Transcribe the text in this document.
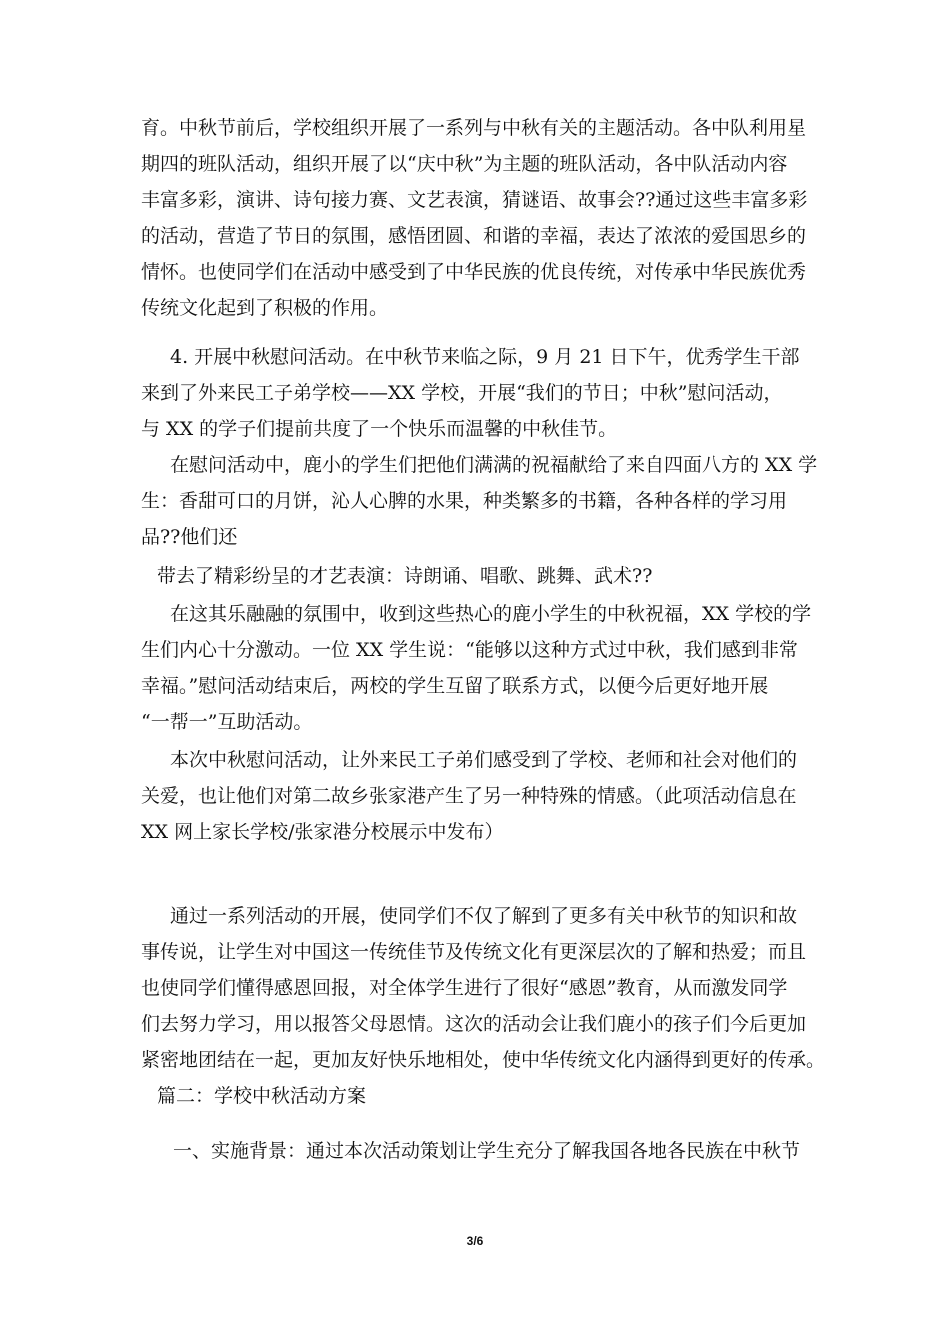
育。中秋节前后，学校组织开展了一系列与中秋有关的主题活动。各中队利用星
期四的班队活动，组织开展了以“庆中秋”为主题的班队活动，各中队活动内容
丰富多彩，演讲、诗句接力赛、文艺表演，猜谜语、故事会??通过这些丰富多彩
的活动，营造了节日的氛围，感悟团圆、和谐的幸福，表达了浓浓的爱国思乡的
情怀。也使同学们在活动中感受到了中华民族的优良传统，对传承中华民族优秀
传统文化起到了积极的作用。
4. 开展中秋慰问活动。在中秋节来临之际，9 月 21 日下午，优秀学生干部
来到了外来民工子弟学校——XX 学校，开展“我们的节日；中秋”慰问活动，
与 XX 的学子们提前共度了一个快乐而温馨的中秋佳节。
在慰问活动中，鹿小的学生们把他们满满的祝福献给了来自四面八方的 XX 学
生：香甜可口的月饼，沁人心脾的水果，种类繁多的书籍，各种各样的学习用
品??他们还
带去了精彩纷呈的才艺表演：诗朗诵、唱歌、跳舞、武术??
在这其乐融融的氛围中，收到这些热心的鹿小学生的中秋祝福，XX 学校的学
生们内心十分激动。一位 XX 学生说：“能够以这种方式过中秋，我们感到非常
幸福。”慰问活动结束后，两校的学生互留了联系方式，以便今后更好地开展
“一帮一”互助活动。
本次中秋慰问活动，让外来民工子弟们感受到了学校、老师和社会对他们的
关爱，也让他们对第二故乡张家港产生了另一种特殊的情感。（此项活动信息在
XX 网上家长学校/张家港分校展示中发布）
通过一系列活动的开展，使同学们不仅了解到了更多有关中秋节的知识和故
事传说，让学生对中国这一传统佳节及传统文化有更深层次的了解和热爱；而且
也使同学们懂得感恩回报，对全体学生进行了很好“感恩”教育，从而激发同学
们去努力学习，用以报答父母恩情。这次的活动会让我们鹿小的孩子们今后更加
紧密地团结在一起，更加友好快乐地相处，使中华传统文化内涵得到更好的传承。
篇二：学校中秋活动方案
一、实施背景：通过本次活动策划让学生充分了解我国各地各民族在中秋节
3/6
